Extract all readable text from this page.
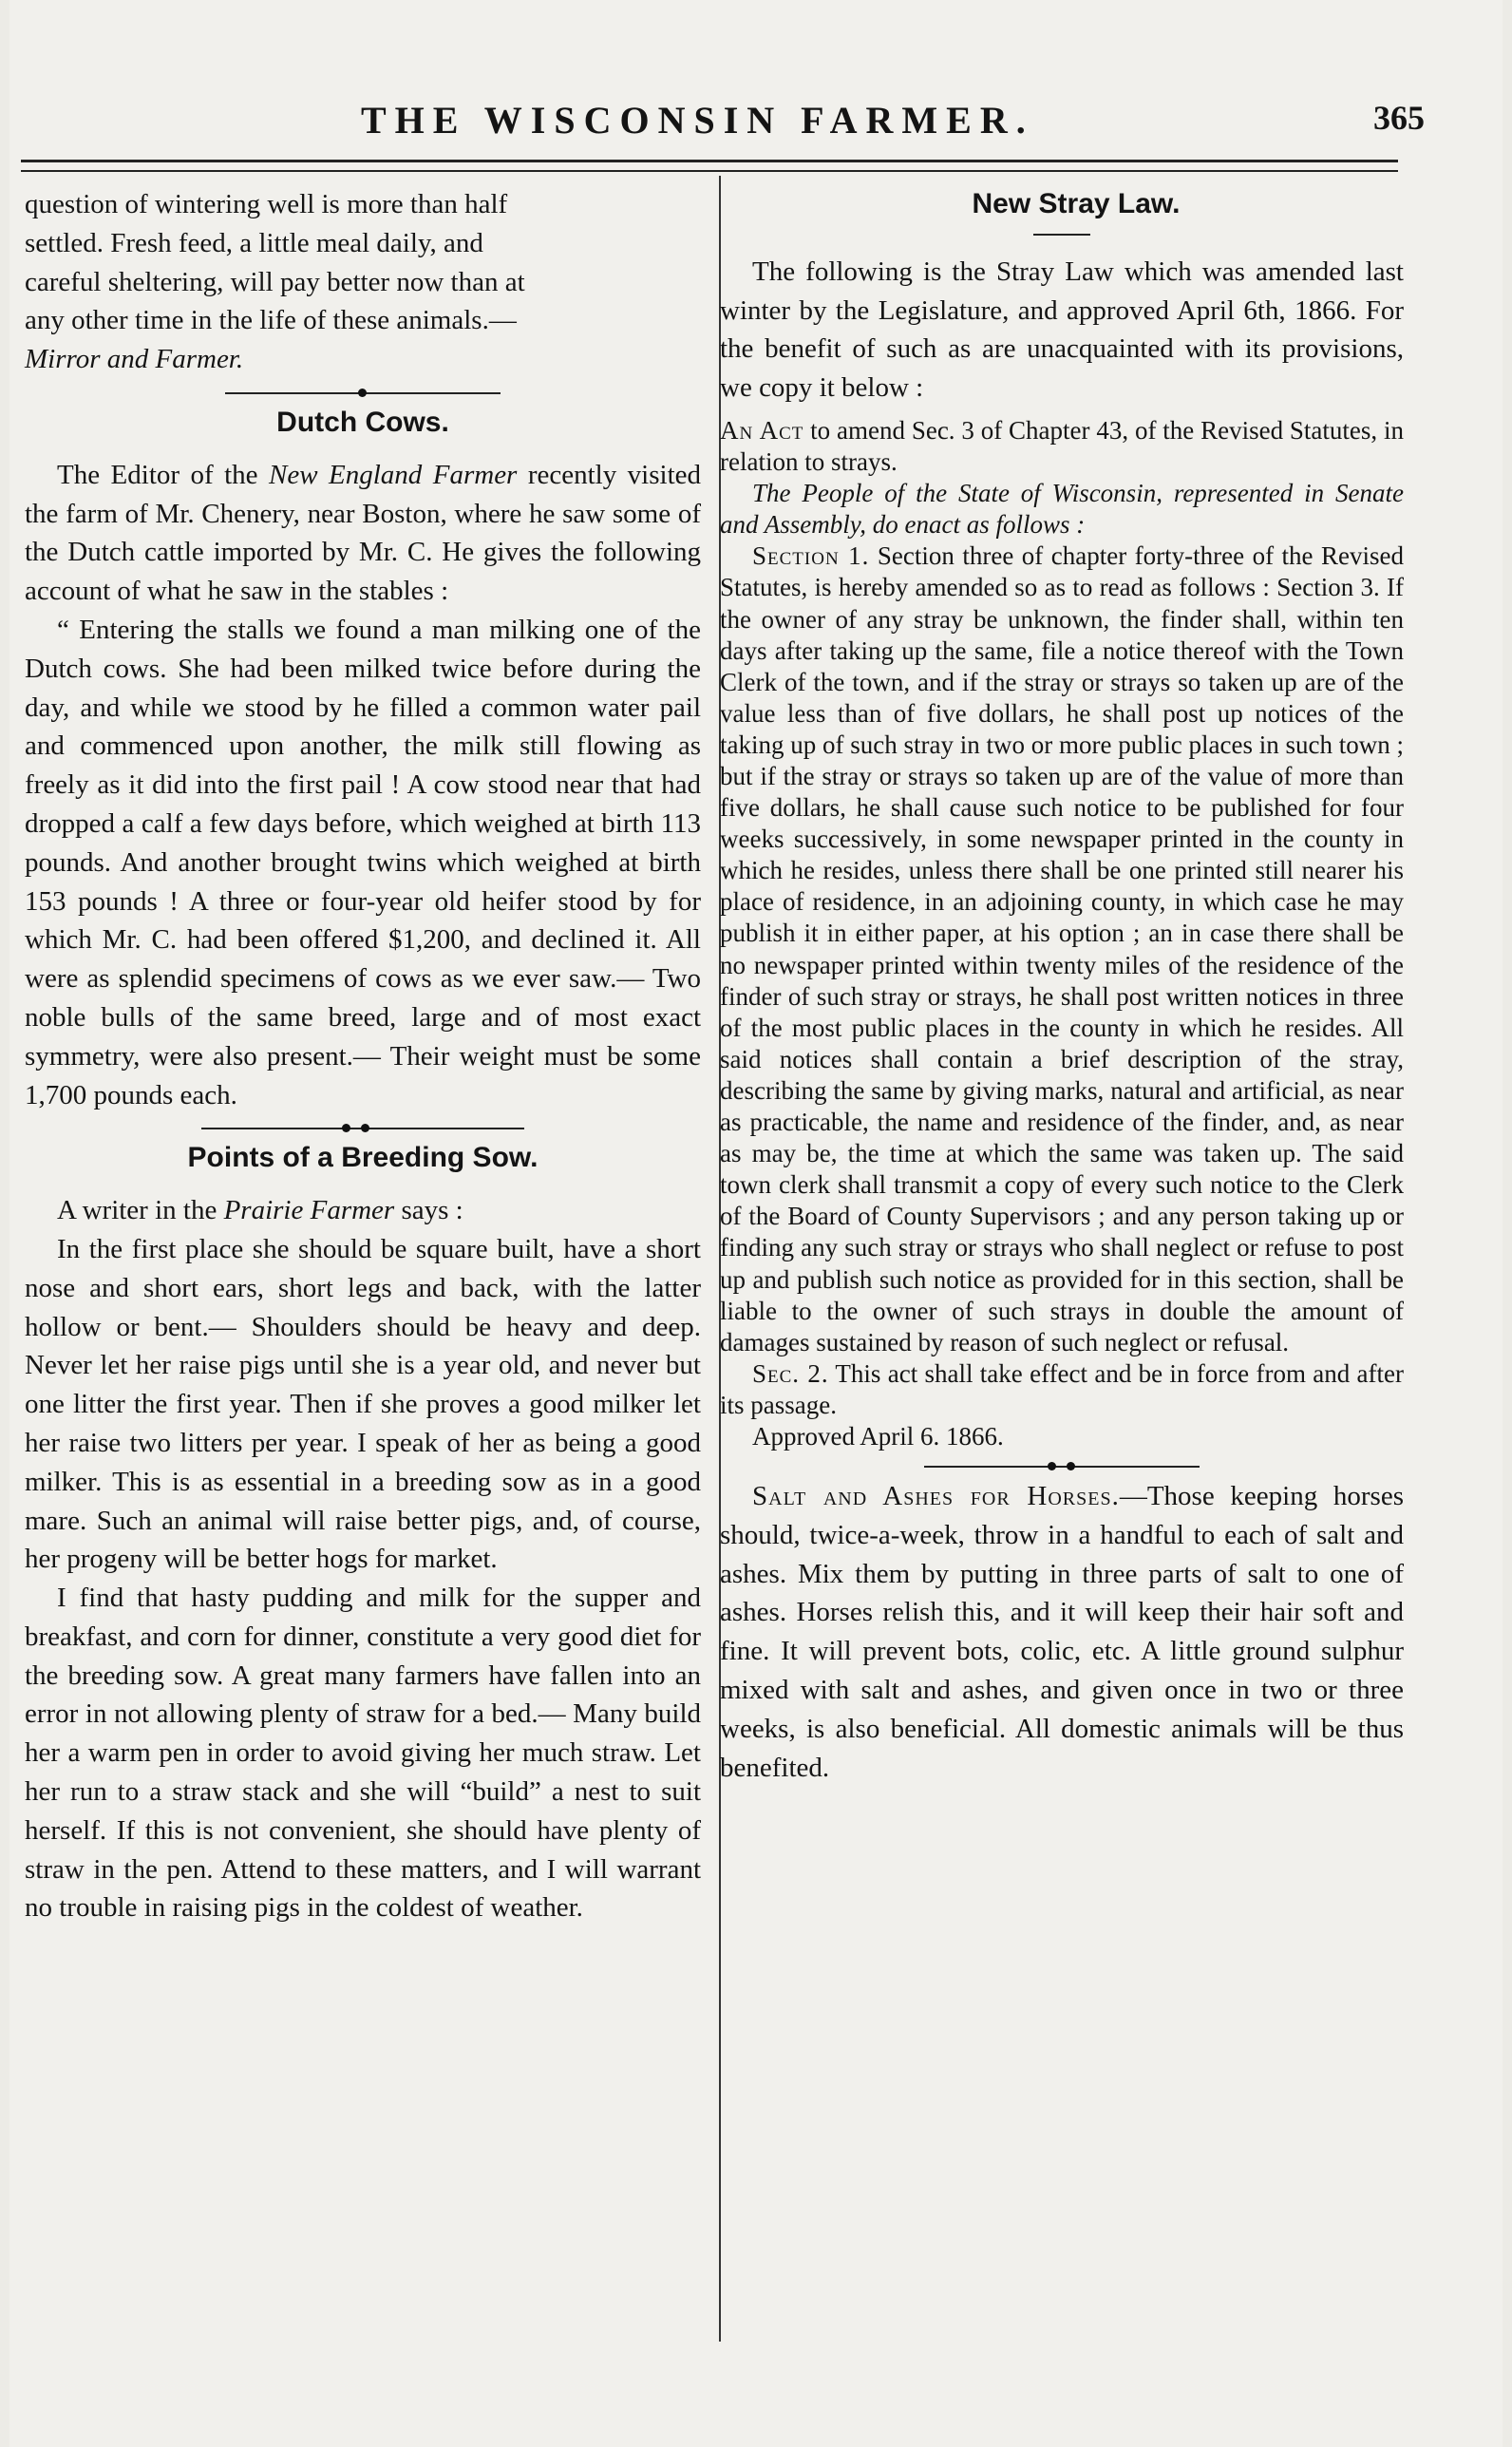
THE WISCONSIN FARMER.	365

question of wintering well is more than half

settled. Fresh feed, a little meal daily, and

careful sheltering, will pay better now than at

any other time in the life of these animals.—

Mirror and Farmer.

Dutch Cows.

The Editor of the New England Farmer recently visited the farm of Mr. Chenery, near Boston, where he saw some of the Dutch cattle imported by Mr. C. He gives the following account of what he saw in the stables :

“ Entering the stalls we found a man milking one of the Dutch cows. She had been milked twice before during the day, and while we stood by he filled a common water pail and commenced upon another, the milk still flowing as freely as it did into the first pail ! A cow stood near that had dropped a calf a few days before, which weighed at birth 113 pounds. And another brought twins which weighed at birth 153 pounds ! A three or four-year old heifer stood by for which Mr. C. had been offered $1,200, and declined it. All were as splendid specimens of cows as we ever saw.— Two noble bulls of the same breed, large and of most exact symmetry, were also present.— Their weight must be some 1,700 pounds each.

Points of a Breeding Sow.

A writer in the Prairie Farmer says :

In the first place she should be square built, have a short nose and short ears, short legs and back, with the latter hollow or bent.— Shoulders should be heavy and deep. Never let her raise pigs until she is a year old, and never but one litter the first year. Then if she proves a good milker let her raise two litters per year. I speak of her as being a good milker. This is as essential in a breeding sow as in a good mare. Such an animal will raise better pigs, and, of course, her progeny will be better hogs for market.

I find that hasty pudding and milk for the supper and breakfast, and corn for dinner, constitute a very good diet for the breeding sow. A great many farmers have fallen into an error in not allowing plenty of straw for a bed.— Many build her a warm pen in order to avoid giving her much straw. Let her run to a straw stack and she will “build” a nest to suit herself. If this is not convenient, she should have plenty of straw in the pen. Attend to these matters, and I will warrant no trouble in raising pigs in the coldest of weather.

New Stray Law.

The following is the Stray Law which was amended last winter by the Legislature, and approved April 6th, 1866. For the benefit of such as are unacquainted with its provisions, we copy it below :

An Act to amend Sec. 3 of Chapter 43, of the Revised Statutes, in relation to strays.

The People of the State of Wisconsin, represented in Senate and Assembly, do enact as follows :

Section 1. Section three of chapter forty-three of the Revised Statutes, is hereby amended so as to read as follows : Section 3. If the owner of any stray be unknown, the finder shall, within ten days after taking up the same, file a notice thereof with the Town Clerk of the town, and if the stray or strays so taken up are of the value less than of five dollars, he shall post up notices of the taking up of such stray in two or more public places in such town ; but if the stray or strays so taken up are of the value of more than five dollars, he shall cause such notice to be published for four weeks successively, in some newspaper printed in the county in which he resides, unless there shall be one printed still nearer his place of residence, in an adjoining county, in which case he may publish it in either paper, at his option ; an in case there shall be no newspaper printed within twenty miles of the residence of the finder of such stray or strays, he shall post written notices in three of the most public places in the county in which he resides. All said notices shall contain a brief description of the stray, describing the same by giving marks, natural and artificial, as near as practicable, the name and residence of the finder, and, as near as may be, the time at which the same was taken up. The said town clerk shall transmit a copy of every such notice to the Clerk of the Board of County Supervisors ; and any person taking up or finding any such stray or strays who shall neglect or refuse to post up and publish such notice as provided for in this section, shall be liable to the owner of such strays in double the amount of damages sustained by reason of such neglect or refusal.

Sec. 2. This act shall take effect and be in force from and after its passage.

Approved April 6. 1866.

Salt and Ashes for Horses.—Those keeping horses should, twice-a-week, throw in a handful to each of salt and ashes. Mix them by putting in three parts of salt to one of ashes. Horses relish this, and it will keep their hair soft and fine. It will prevent bots, colic, etc. A little ground sulphur mixed with salt and ashes, and given once in two or three weeks, is also beneficial. All domestic animals will be thus benefited.
